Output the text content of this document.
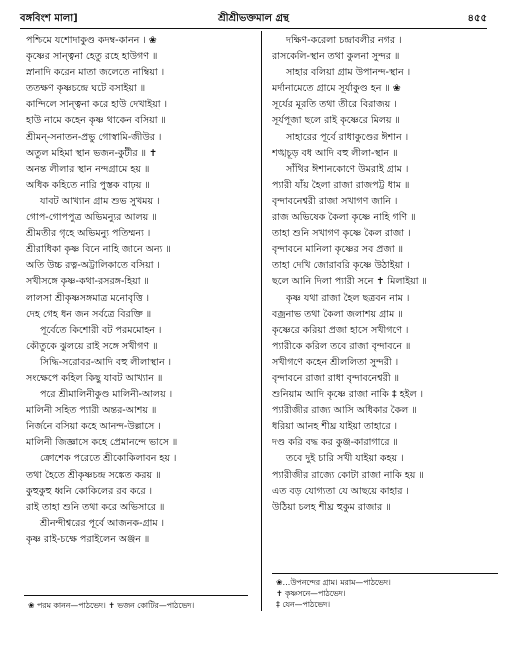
বঙ্গবিংশ মালা]	শ্রীশ্রীভক্তমাল গ্রন্থ	৪৫৫
পশ্চিমে যশোদাকুণ্ড কদম্ব-কানন । ❀
কৃষ্ণের সান্ত্বনা হেতু রহে হাউগণ ॥
স্নানাদি করেন মাতা জলেতে নাম্বিয়া ।
ততক্ষণ কৃষ্ণচন্দ্রে ঘটে বসাইয়া ॥
কান্দিলে সান্ত্বনা করে হাউ দেখাইয়া ।
হাউ নামে কহেন কৃষ্ণ থাকেন বসিয়া ॥
শ্রীমন্-সনাতন-প্রভু গোস্বামি-জীউর ।
অতুল মহিমা স্থান ভজন-কুটীর ॥ ✝
অনন্ত লীলার স্থান নন্দগ্রামে হয় ॥
অধিক কহিতে নারি পুস্তক বাঢ়য় ॥
যাবট আখ্যান গ্রাম শুভ সুখময় ।
গোপ-গোপপুত্র অভিমন্যুর আলয় ॥
শ্রীমতীর গৃহে অভিমন্যু পতিম্মন্য ।
শ্রীরাধিকা কৃষ্ণ বিনে নাহি জানে অন্য ॥
অতি উচ্চ রত্ন-অট্টালিকাতে বসিয়া ।
সখীসঙ্গে কৃষ্ণ-কথা-রসরঙ্গ-হিয়া ॥
লালসা শ্রীকৃষ্ণসঙ্গমাত্র মনোবৃত্তি ।
দেহ গেহ ধন জন সর্বত্রে বিরক্তি ॥
পূর্বেতে কিশোরী বট পরমমোহন ।
কৌতুকে ঝুলয়ে রাই সঙ্গে সখীগণ ॥
সিদ্ধি-সরোবর-আদি বহু লীলাস্থান ।
সংক্ষেপে কহিল কিছু যাবট আখ্যান ॥
পরে শ্রীমালিনীকুণ্ড মালিনী-আলয় ।
মালিনী সহিত প্যারী অন্তর-আশয় ॥
নির্জনে বসিয়া কহে আনন্দ-উল্লাসে ।
মালিনী জিজ্ঞাসে কহে প্রেমানন্দে ভাসে ॥
ক্রোশেক পরেতে শ্রীকোকিলাবন হয় ।
তথা হৈতে শ্রীকৃষ্ণচন্দ্র সঙ্কেত করয় ॥
কুহুকুহু ধ্বনি কোকিলের রব করে ।
রাই তাহা শুনি তথা করে অভিসারে ॥
শ্রীনন্দীশ্বরের পূর্বে আজনক-গ্রাম ।
কৃষ্ণ রাই-চক্ষে পরাইলেন অঞ্জন ॥
দক্ষিণ-করেলা চন্দ্রাবলীর নগর ।
রাসকেলি-স্থান তথা কুলনা সুন্দর ॥
সাহার বলিয়া গ্রাম উপানন্দ-স্থান ।
মর্দানামেতে গ্রামে সূর্যাকুণ্ড হন ॥ ❀
সূর্যের মূরতি তথা তীরে বিরাজয় ।
সূর্যপূজা ছলে রাই কৃষ্ণেরে মিলয় ॥
সাহারের পূর্বে রাধাকুণ্ডের ঈশান ।
শঙ্খচূড় বধ আদি বহু লীলা-স্থান ॥
সাঁথির ঈশানকোণে উমরাই গ্রাম ।
প্যারী যাঁয় হৈলা রাজা রাজপট্ট ধাম ॥
বৃন্দাবনেশ্বরী রাজা সখাগণ জানি ।
রাজ অভিষেক কৈলা কৃষ্ণে নাহি গণি ॥
তাহা শুনি সখাগণ কৃষ্ণে কৈল রাজা ।
বৃন্দাবনে মানিলা কৃষ্ণের সব প্রজা ॥
তাহা দেখি জোরাবরি কৃষ্ণে উঠাইয়া ।
ছলে আনি দিলা প্যারী সনে ✝ মিলাইয়া ॥
কৃষ্ণ যথা রাজা হৈল ছত্রবন নাম ।
বজ্রনাভ তথা কৈলা জলাশয় গ্রাম ॥
কৃষ্ণেরে করিয়া প্রজা হাসে সখীগণে ।
প্যারীকে করিল তবে রাজা বৃন্দাবনে ॥
সখীগণে কহেন শ্রীললিতা সুন্দরী ।
বৃন্দাবনে রাজা রাধা বৃন্দাবনেশ্বরী ॥
শুনিয়াম আদি কৃষ্ণে রাজা নাকি ‡ হইল ।
প্যারীজীর রাজ্য আসি অধিকার কৈল ॥
ধরিয়া আনহ শীঘ্র যাইয়া তাহারে ।
দণ্ড করি বদ্ধ কর কুঞ্জ-কারাগারে ॥
তবে দুই চারি সখী যাইয়া কহয় ।
প্যারীজীর রাজ্যে কোটা রাজা নাকি হয় ॥
এত বড় যোগ্যতা যে আছয়ে কাহার ।
উঠিয়া চলহ শীঘ্র হুকুম রাজার ॥
❀ পরম কানন—পাঠভেদ। ✝ ভজন কোটির—পাঠভেদ।
❀…উপনন্দের গ্রাম। মরাম—পাঠভেদ।
✝ কৃষ্ণসনে—পাঠভেদ।
‡ যেন—পাঠভেদ।
